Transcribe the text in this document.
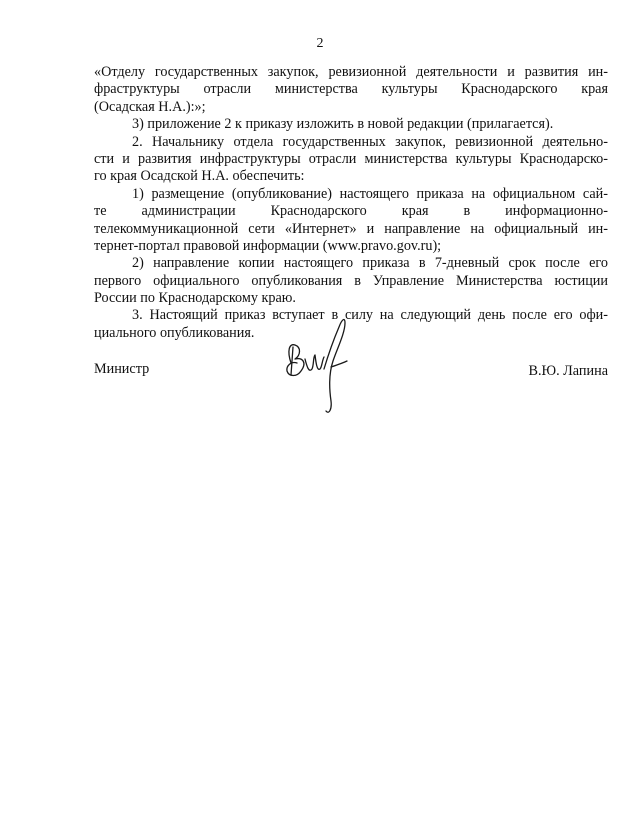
2
«Отделу государственных закупок, ревизионной деятельности и развития ин-
фраструктуры отрасли министерства культуры Краснодарского края
(Осадская Н.А.):»;
3) приложение 2 к приказу изложить в новой редакции (прилагается).
2. Начальнику отдела государственных закупок, ревизионной деятельно-
сти и развития инфраструктуры отрасли министерства культуры Краснодарско-
го края Осадской Н.А. обеспечить:
1) размещение (опубликование) настоящего приказа на официальном сай-
те администрации Краснодарского края в информационно-
телекоммуникационной сети «Интернет» и направление на официальный ин-
тернет-портал правовой информации (www.pravo.gov.ru);
2) направление копии настоящего приказа в 7-дневный срок после его
первого официального опубликования в Управление Министерства юстиции
России по Краснодарскому краю.
3. Настоящий приказ вступает в силу на следующий день после его офи-
циального опубликования.
Министр	В.Ю. Лапина
